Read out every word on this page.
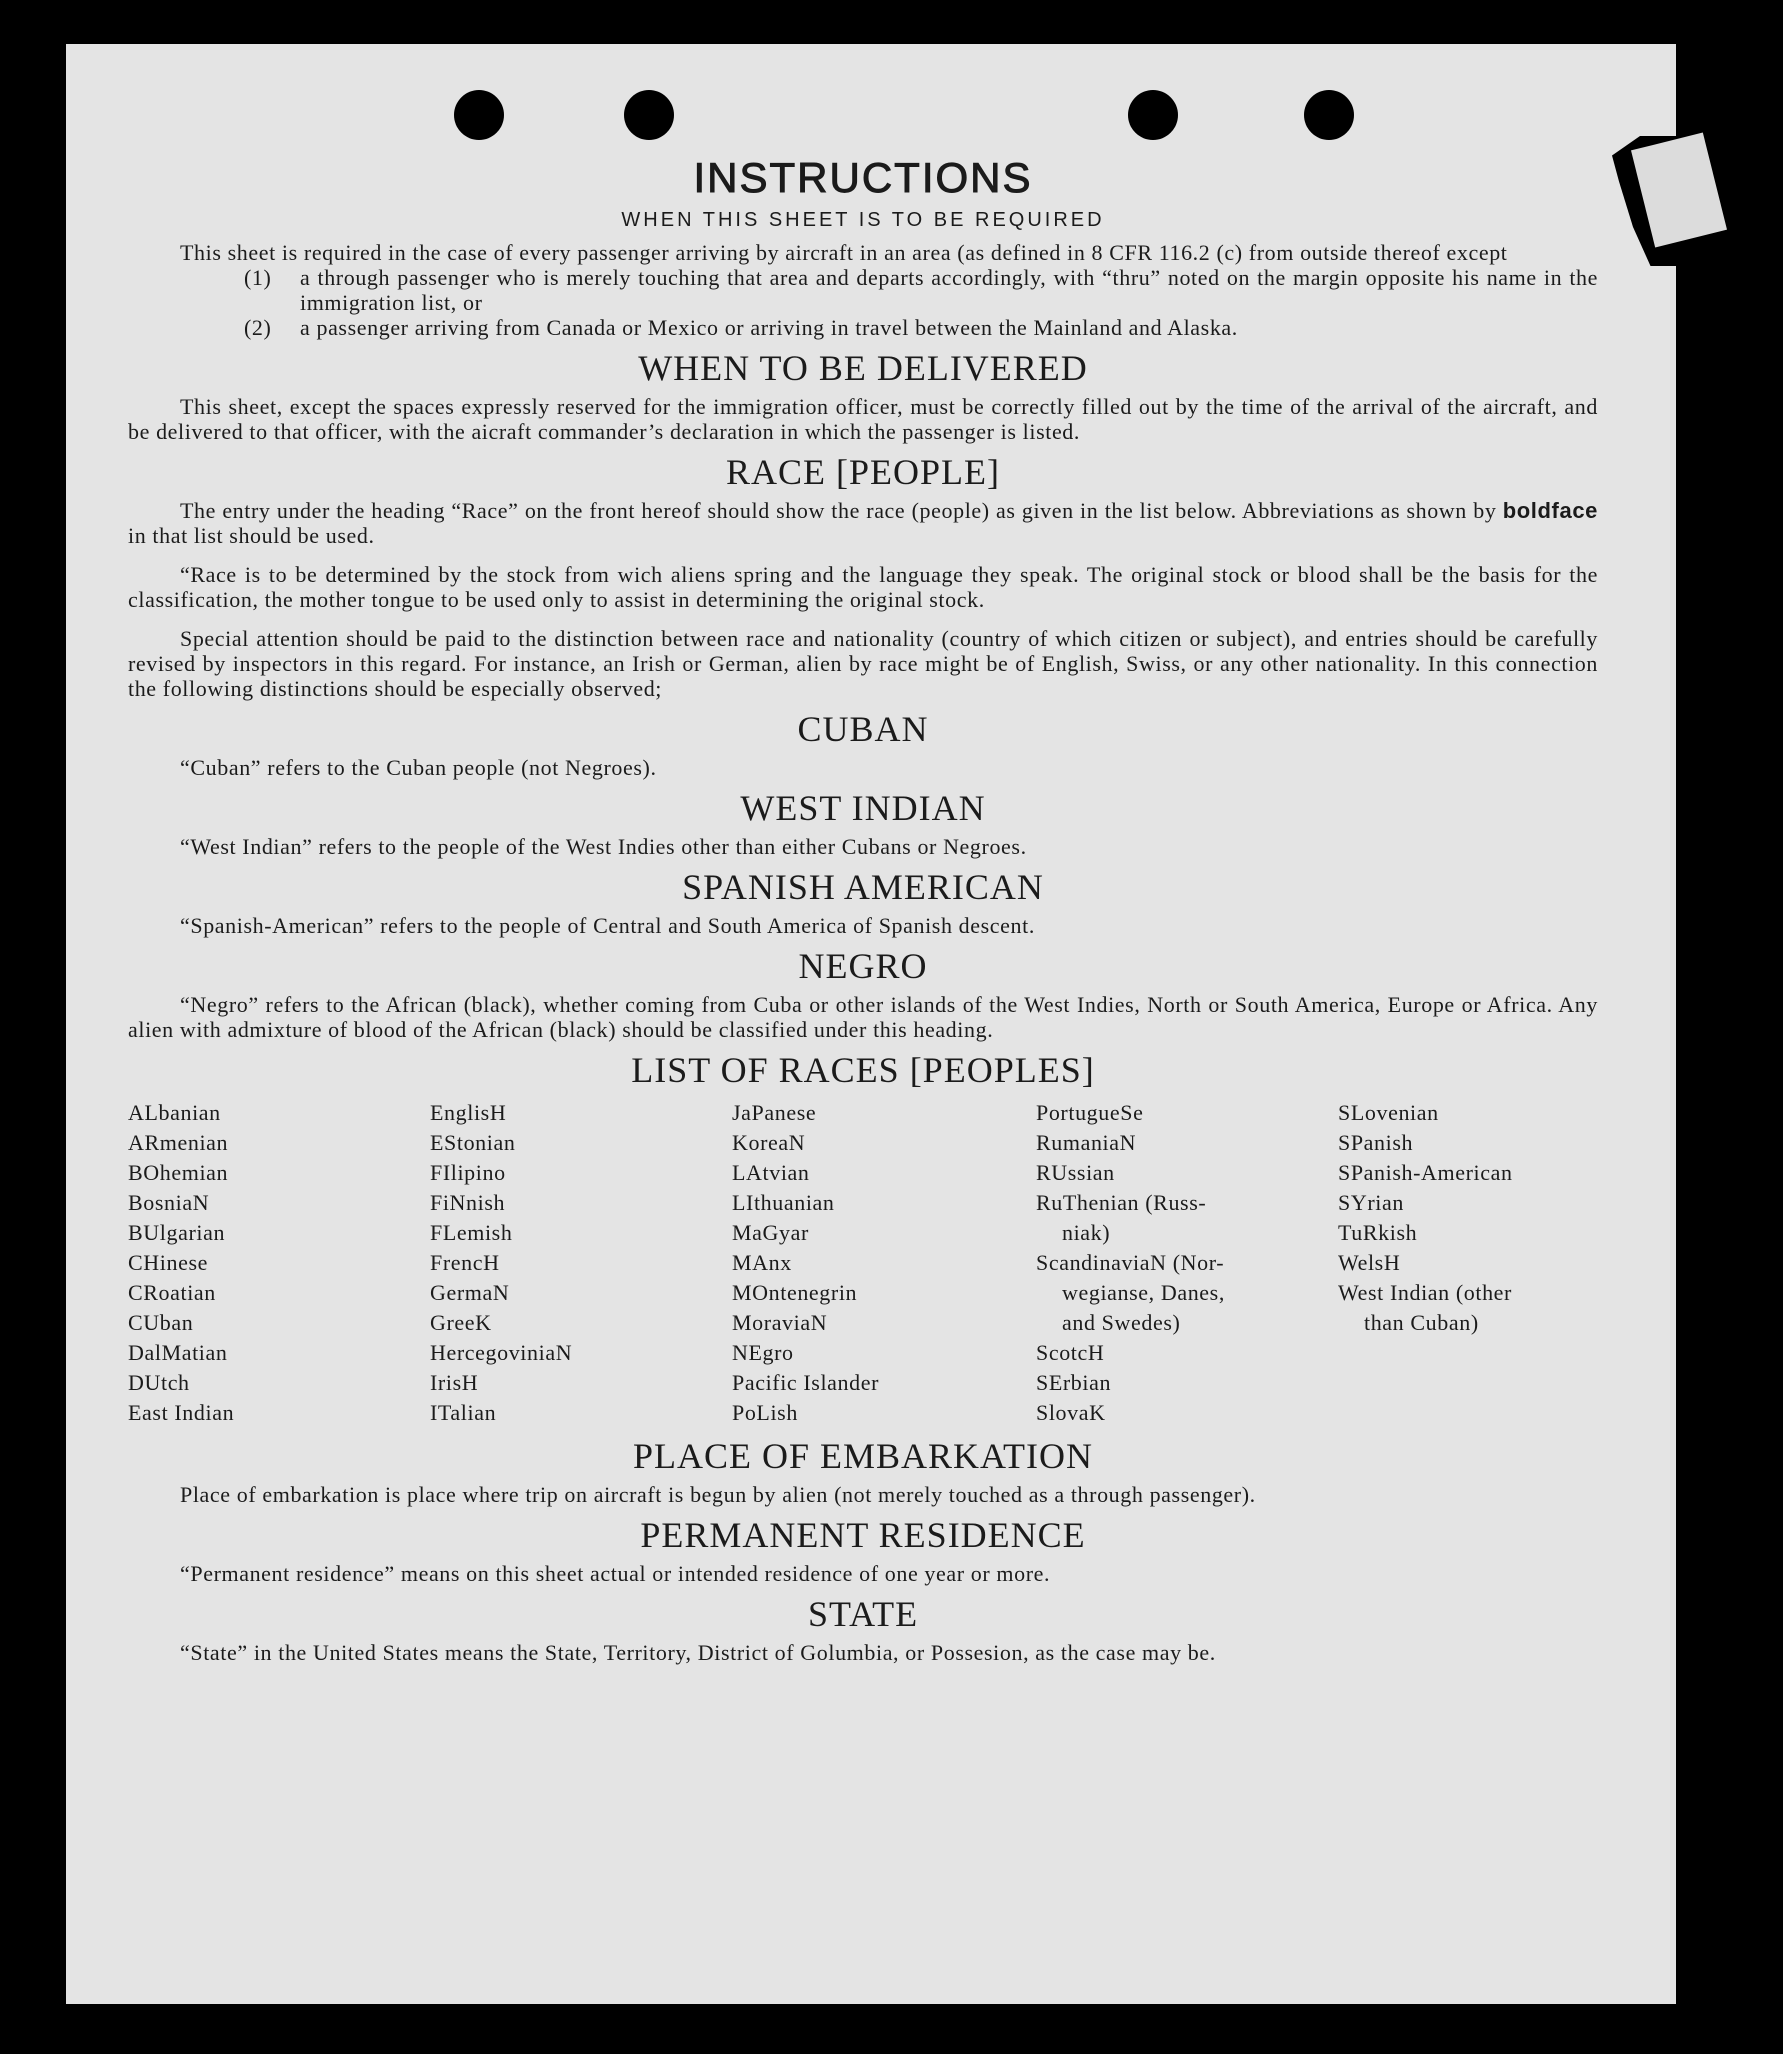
INSTRUCTIONS
WHEN THIS SHEET IS TO BE REQUIRED

This sheet is required in the case of every passenger arriving by aircraft in an area (as defined in 8 CFR 116.2 (c) from outside thereof except

(1)	a through passenger who is merely touching that area and departs accordingly, with “thru” noted on the margin opposite his name in the immigration list, or
(2)	a passenger arriving from Canada or Mexico or arriving in travel between the Mainland and Alaska.
WHEN TO BE DELIVERED

This sheet, except the spaces expressly reserved for the immigration officer, must be correctly filled out by the time of the arrival of the aircraft, and be delivered to that officer, with the aicraft commander’s declaration in which the passenger is listed.

RACE [PEOPLE]

The entry under the heading “Race” on the front hereof should show the race (people) as given in the list below. Abbreviations as shown by boldface in that list should be used.

“Race is to be determined by the stock from wich aliens spring and the language they speak. The original stock or blood shall be the basis for the classification, the mother tongue to be used only to assist in determining the original stock.

Special attention should be paid to the distinction between race and nationality (country of which citizen or subject), and entries should be carefully revised by inspectors in this regard. For instance, an Irish or German, alien by race might be of English, Swiss, or any other nationality. In this connection the following distinctions should be especially observed;

CUBAN

“Cuban” refers to the Cuban people (not Negroes).

WEST INDIAN

“West Indian” refers to the people of the West Indies other than either Cubans or Negroes.

SPANISH AMERICAN

“Spanish-American” refers to the people of Central and South America of Spanish descent.

NEGRO

“Negro” refers to the African (black), whether coming from Cuba or other islands of the West Indies, North or South America, Europe or Africa. Any alien with admixture of blood of the African (black) should be classified under this heading.

LIST OF RACES [PEOPLES]
ALbanian
ARmenian
BOhemian
BosniaN
BUlgarian
CHinese
CRoatian
CUban
DalMatian
DUtch
East Indian
EnglisH
EStonian
FIlipino
FiNnish
FLemish
FrencH
GermaN
GreeK
HercegoviniaN
IrisH
ITalian
JaPanese
KoreaN
LAtvian
LIthuanian
MaGyar
MAnx
MOntenegrin
MoraviaN
NEgro
Pacific Islander
PoLish
PortugueSe
RumaniaN
RUssian
RuThenian (Russ-
niak)
ScandinaviaN (Nor-
wegianse, Danes,
and Swedes)
ScotcH
SErbian
SlovaK
SLovenian
SPanish
SPanish-American
SYrian
TuRkish
WelsH
West Indian (other
than Cuban)
PLACE OF EMBARKATION

Place of embarkation is place where trip on aircraft is begun by alien (not merely touched as a through passenger).

PERMANENT RESIDENCE

“Permanent residence” means on this sheet actual or intended residence of one year or more.

STATE

“State” in the United States means the State, Territory, District of Golumbia, or Possesion, as the case may be.
